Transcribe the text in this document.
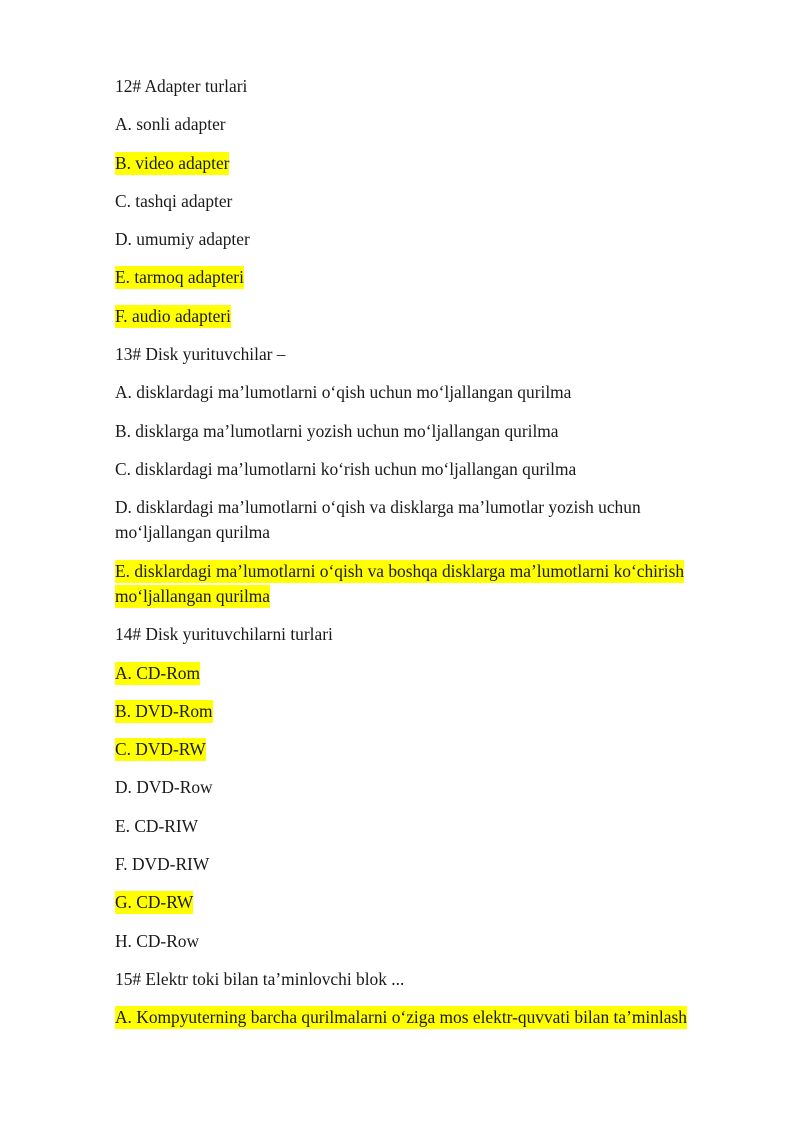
12# Adapter turlari

A. sonli adapter

B. video adapter

C. tashqi adapter

D. umumiy adapter

E. tarmoq adapteri

F. audio adapteri

13# Disk yurituvchilar –

A. disklardagi ma’lumotlarni o‘qish uchun mo‘ljallangan qurilma

B. disklarga ma’lumotlarni yozish uchun mo‘ljallangan qurilma

C. disklardagi ma’lumotlarni ko‘rish uchun mo‘ljallangan qurilma

D. disklardagi ma’lumotlarni o‘qish va disklarga ma’lumotlar yozish uchun mo‘ljallangan qurilma

E. disklardagi ma’lumotlarni o‘qish va boshqa disklarga ma’lumotlarni ko‘chirish mo‘ljallangan qurilma

14# Disk yurituvchilarni turlari

A. CD-Rom

B. DVD-Rom

C. DVD-RW

D. DVD-Row

E. CD-RIW

F. DVD-RIW

G. CD-RW

H. CD-Row

15# Elektr toki bilan ta’minlovchi blok ...

A. Kompyuterning barcha qurilmalarni o‘ziga mos elektr-quvvati bilan ta’minlash
